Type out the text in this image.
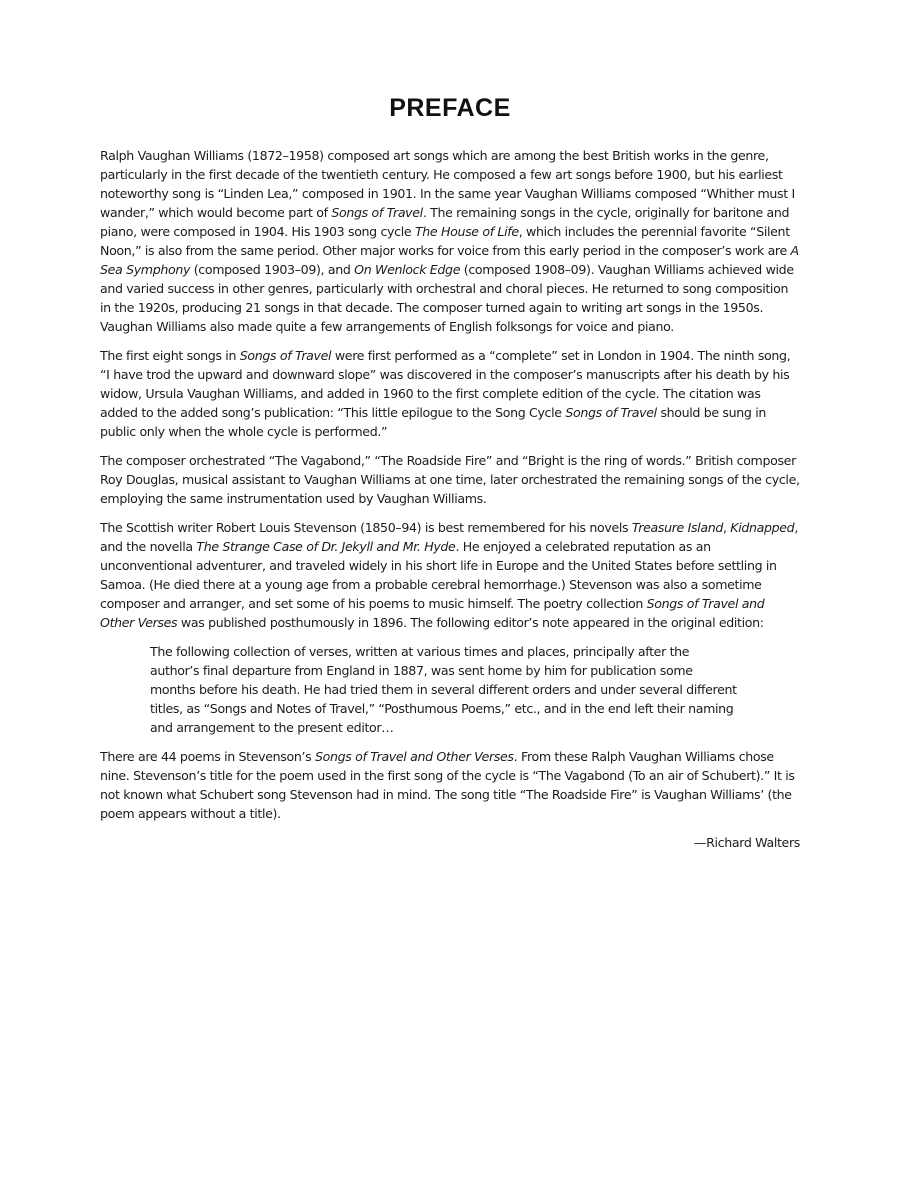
PREFACE

Ralph Vaughan Williams (1872–1958) composed art songs which are among the best British works in the genre, particularly in the first decade of the twentieth century. He composed a few art songs before 1900, but his earliest noteworthy song is “Linden Lea,” composed in 1901. In the same year Vaughan Williams composed “Whither must I wander,” which would become part of Songs of Travel. The remaining songs in the cycle, originally for baritone and piano, were composed in 1904. His 1903 song cycle The House of Life, which includes the perennial favorite “Silent Noon,” is also from the same period. Other major works for voice from this early period in the composer’s work are A Sea Symphony (composed 1903–09), and On Wenlock Edge (composed 1908–09). Vaughan Williams achieved wide and varied success in other genres, particularly with orchestral and choral pieces. He returned to song composition in the 1920s, producing 21 songs in that decade. The composer turned again to writing art songs in the 1950s. Vaughan Williams also made quite a few arrangements of English folksongs for voice and piano.

The first eight songs in Songs of Travel were first performed as a “complete” set in London in 1904. The ninth song, “I have trod the upward and downward slope” was discovered in the composer’s manuscripts after his death by his widow, Ursula Vaughan Williams, and added in 1960 to the first complete edition of the cycle. The citation was added to the added song’s publication: “This little epilogue to the Song Cycle Songs of Travel should be sung in public only when the whole cycle is performed.”

The composer orchestrated “The Vagabond,” “The Roadside Fire” and “Bright is the ring of words.” British composer Roy Douglas, musical assistant to Vaughan Williams at one time, later orchestrated the remaining songs of the cycle, employing the same instrumentation used by Vaughan Williams.

The Scottish writer Robert Louis Stevenson (1850–94) is best remembered for his novels Treasure Island, Kidnapped, and the novella The Strange Case of Dr. Jekyll and Mr. Hyde. He enjoyed a celebrated reputation as an unconventional adventurer, and traveled widely in his short life in Europe and the United States before settling in Samoa. (He died there at a young age from a probable cerebral hemorrhage.) Stevenson was also a sometime composer and arranger, and set some of his poems to music himself. The poetry collection Songs of Travel and Other Verses was published posthumously in 1896. The following editor’s note appeared in the original edition:

The following collection of verses, written at various times and places, principally after the author’s final departure from England in 1887, was sent home by him for publication some months before his death. He had tried them in several different orders and under several different titles, as “Songs and Notes of Travel,” “Posthumous Poems,” etc., and in the end left their naming and arrangement to the present editor…

There are 44 poems in Stevenson’s Songs of Travel and Other Verses. From these Ralph Vaughan Williams chose nine. Stevenson’s title for the poem used in the first song of the cycle is “The Vagabond (To an air of Schubert).” It is not known what Schubert song Stevenson had in mind. The song title “The Roadside Fire” is Vaughan Williams’ (the poem appears without a title).

—Richard Walters
